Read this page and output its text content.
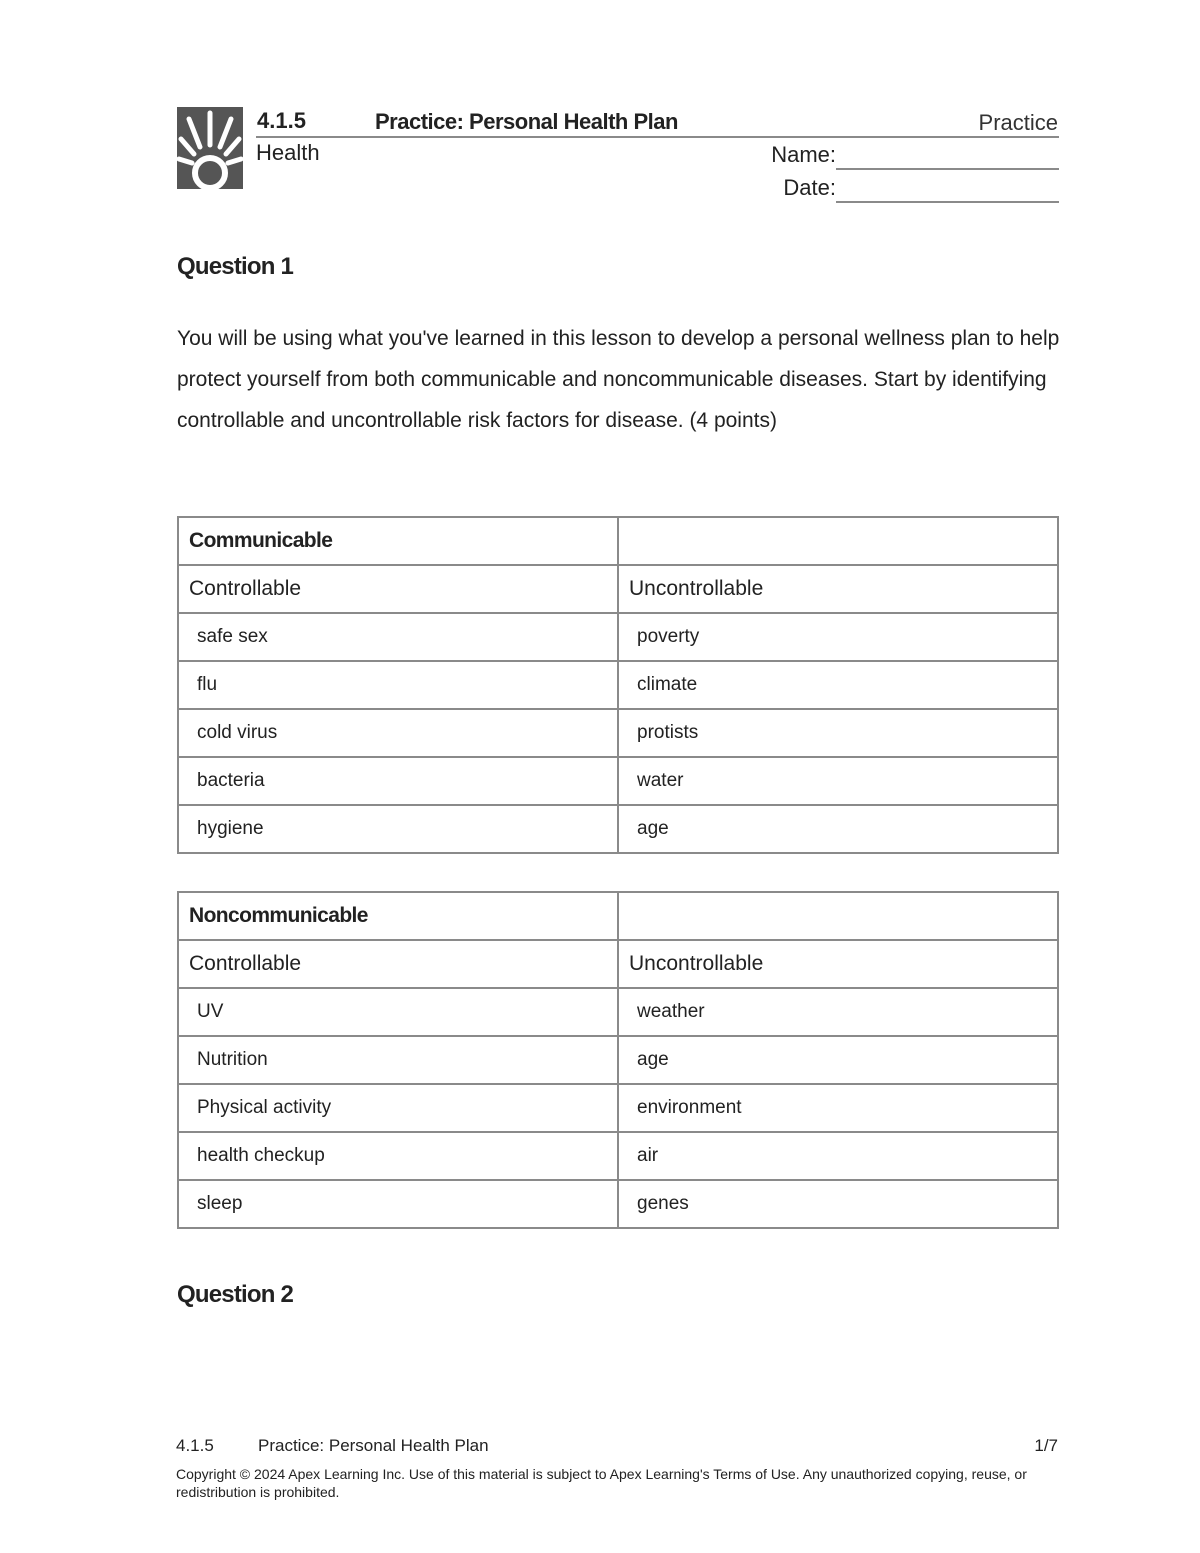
4.1.5
Health
Practice: Personal Health Plan	Practice
Name:
Date:
Question 1
You will be using what you've learned in this lesson to develop a personal wellness plan to help protect yourself from both communicable and noncommunicable diseases. Start by identifying controllable and uncontrollable risk factors for disease. (4 points)
Communicable	
Controllable	Uncontrollable
safe sex	poverty
flu	climate
cold virus	protists
bacteria	water
hygiene	age
Noncommunicable	
Controllable	Uncontrollable
UV	weather
Nutrition	age
Physical activity	environment
health checkup	air
sleep	genes
Question 2
4.1.5	Practice: Personal Health Plan	1/7
Copyright © 2024 Apex Learning Inc. Use of this material is subject to Apex Learning's Terms of Use. Any unauthorized copying, reuse, or redistribution is prohibited.
